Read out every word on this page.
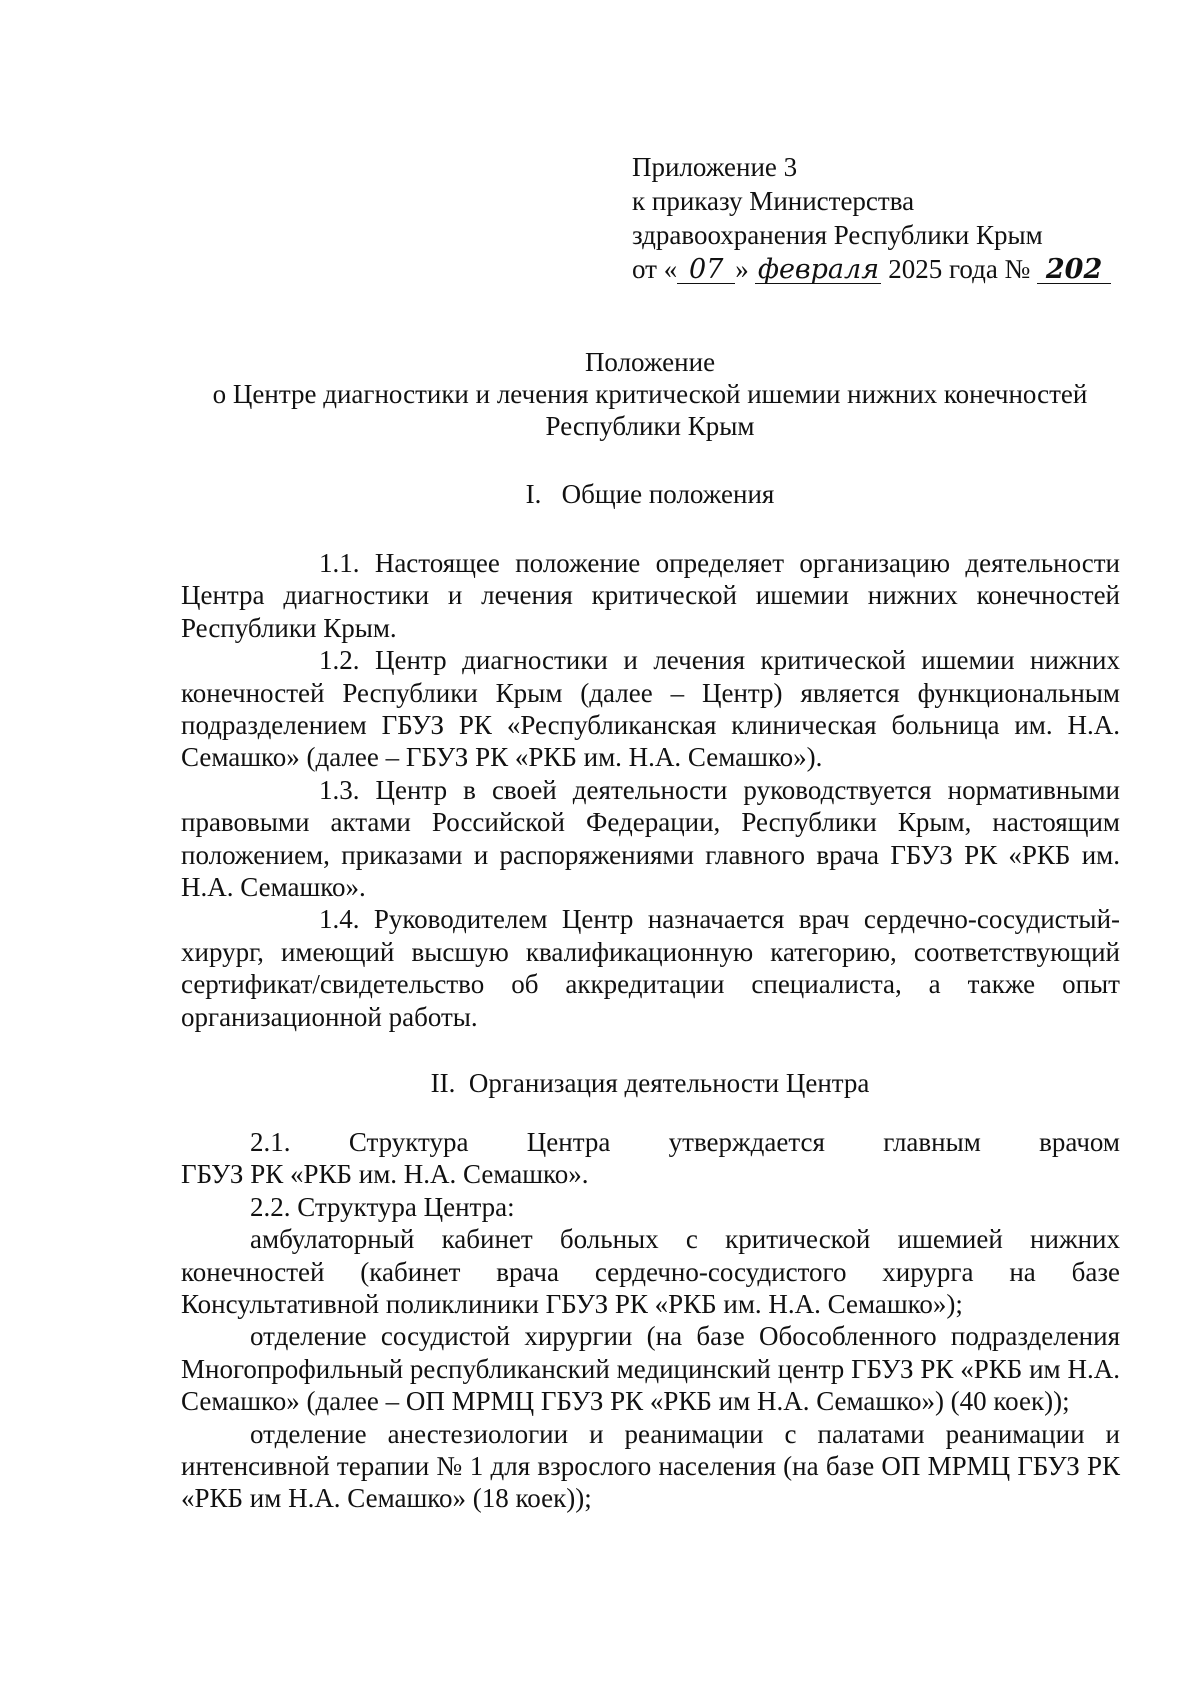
Приложение 3
к приказу Министерства
здравоохранения Республики Крым
от « 07 » февраля 2025 года № 202
Положение
о Центре диагностики и лечения критической ишемии нижних конечностей
Республики Крым
I. Общие положения

1.1. Настоящее положение определяет организацию деятельности Центра диагностики и лечения критической ишемии нижних конечностей Республики Крым.

1.2. Центр диагностики и лечения критической ишемии нижних конечностей Республики Крым (далее – Центр) является функциональным подразделением ГБУЗ РК «Республиканская клиническая больница им. Н.А. Семашко» (далее – ГБУЗ РК «РКБ им. Н.А. Семашко»).

1.3. Центр в своей деятельности руководствуется нормативными правовыми актами Российской Федерации, Республики Крым, настоящим положением, приказами и распоряжениями главного врача ГБУЗ РК «РКБ им. Н.А. Семашко».

1.4. Руководителем Центр назначается врач сердечно-сосудистый-хирург, имеющий высшую квалификационную категорию, соответствующий сертификат/свидетельство об аккредитации специалиста, а также опыт организационной работы.

II. Организация деятельности Центра
2.1. Структура Центра утверждается главным врачом
ГБУЗ РК «РКБ им. Н.А. Семашко».

2.2. Структура Центра:

амбулаторный кабинет больных с критической ишемией нижних конечностей (кабинет врача сердечно-сосудистого хирурга на базе Консультативной поликлиники ГБУЗ РК «РКБ им. Н.А. Семашко»);

отделение сосудистой хирургии (на базе Обособленного подразделения Многопрофильный республиканский медицинский центр ГБУЗ РК «РКБ им Н.А. Семашко» (далее – ОП МРМЦ ГБУЗ РК «РКБ им Н.А. Семашко») (40 коек));

отделение анестезиологии и реанимации с палатами реанимации и интенсивной терапии № 1 для взрослого населения (на базе ОП МРМЦ ГБУЗ РК «РКБ им Н.А. Семашко» (18 коек));
